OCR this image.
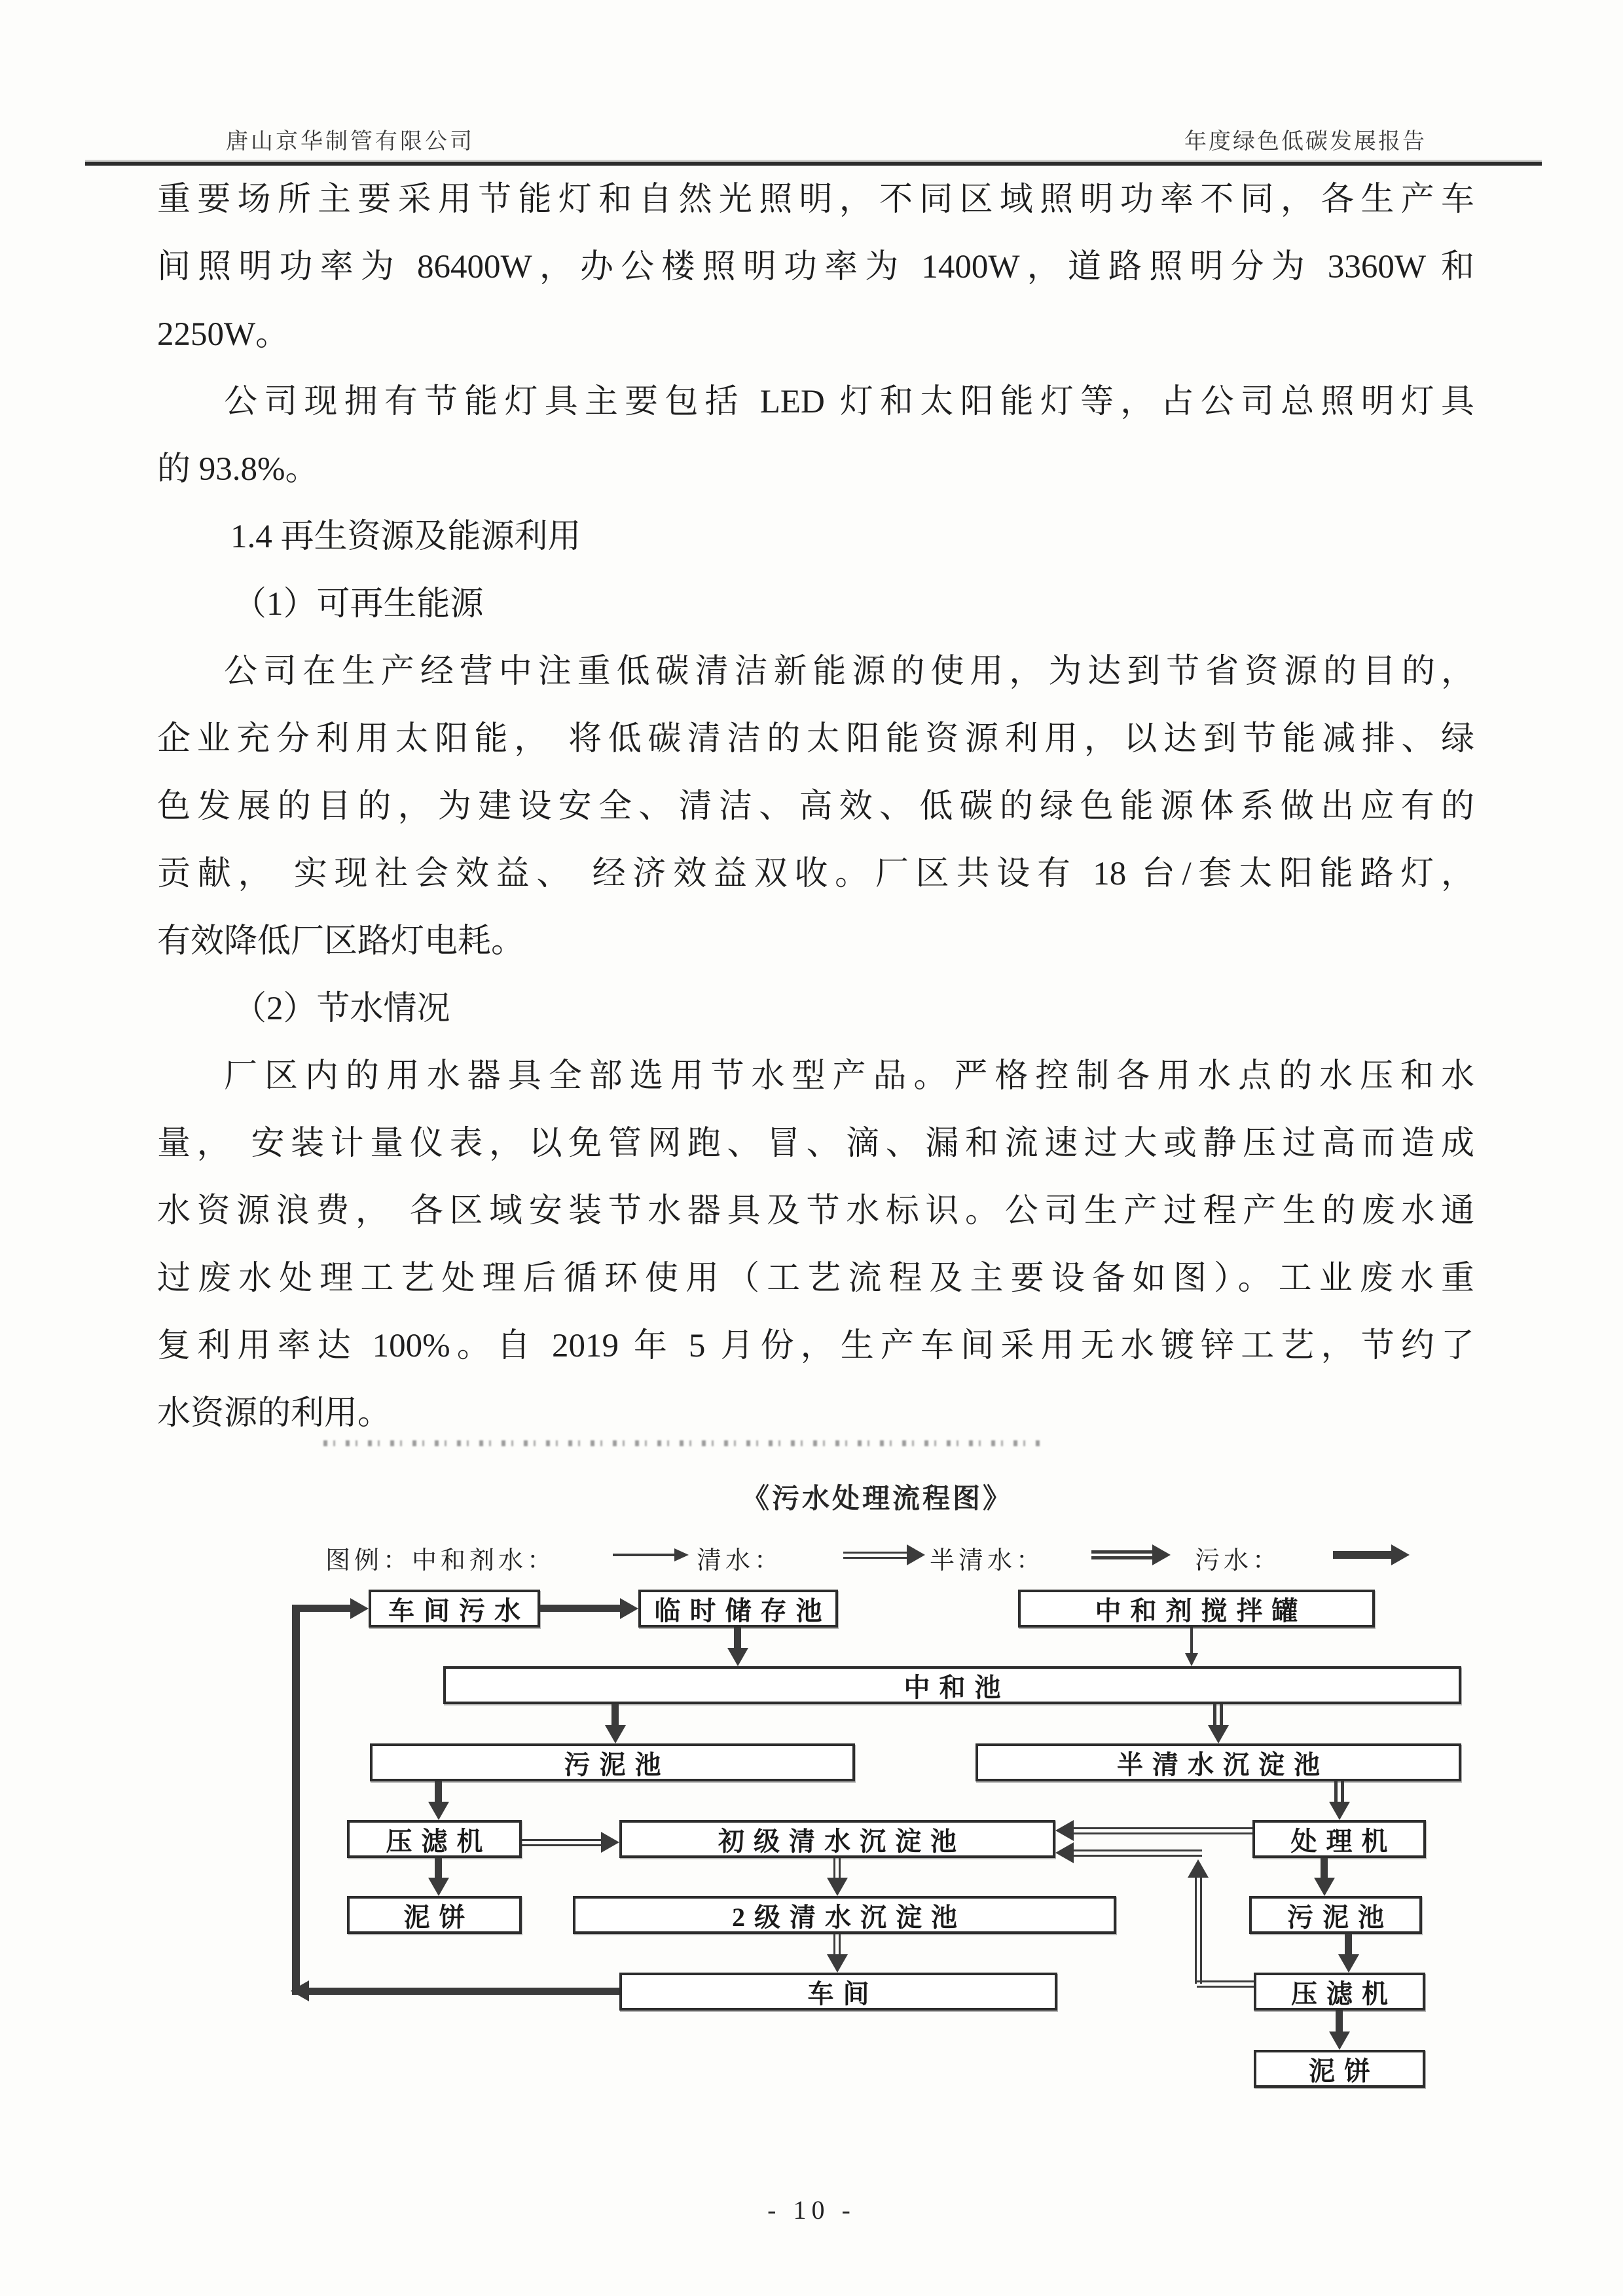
唐山京华制管有限公司	年度绿色低碳发展报告
重要场所主要采用节能灯和自然光照明，不同区域照明功率不同，各生产车
间照明功率为 86400W，办公楼照明功率为 1400W，道路照明分为 3360W 和
2250W。
公司现拥有节能灯具主要包括 LED 灯和太阳能灯等，占公司总照明灯具
的 93.8%。
1.4 再生资源及能源利用
（1）可再生能源
公司在生产经营中注重低碳清洁新能源的使用，为达到节省资源的目的，
企业充分利用太阳能， 将低碳清洁的太阳能资源利用，以达到节能减排、绿
色发展的目的，为建设安全、清洁、高效、低碳的绿色能源体系做出应有的
贡献， 实现社会效益、 经济效益双收。厂区共设有 18 台/套太阳能路灯，
有效降低厂区路灯电耗。
（2）节水情况
厂区内的用水器具全部选用节水型产品。严格控制各用水点的水压和水
量， 安装计量仪表，以免管网跑、冒、滴、漏和流速过大或静压过高而造成
水资源浪费， 各区域安装节水器具及节水标识。公司生产过程产生的废水通
过废水处理工艺处理后循环使用（工艺流程及主要设备如图）。工业废水重
复利用率达 100%。自 2019 年 5 月份，生产车间采用无水镀锌工艺，节约了
水资源的利用。
《污水处理流程图》
图例：中和剂水：	清水：	半清水：	污水：
车间污水	临时储存池	中和剂搅拌罐
中和池
污泥池	半清水沉淀池
压滤机	初级清水沉淀池	处理机
泥饼	2级清水沉淀池	污泥池
车间	压滤机
泥饼
- 10 -
